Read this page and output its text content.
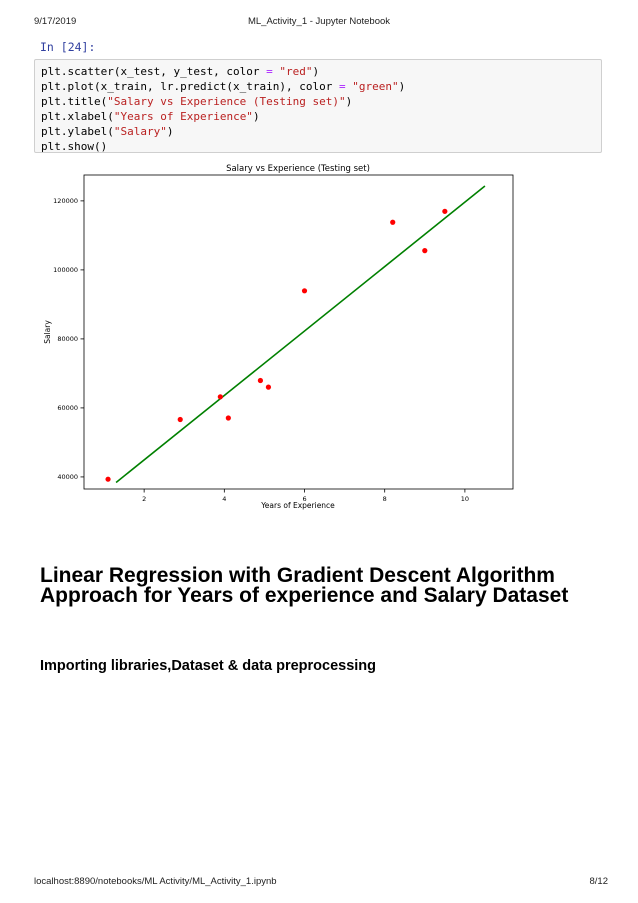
9/17/2019	ML_Activity_1 - Jupyter Notebook
In [24]:
plt.scatter(x_test, y_test, color = "red")
plt.plot(x_train, lr.predict(x_train), color = "green")
plt.title("Salary vs Experience (Testing set)")
plt.xlabel("Years of Experience")
plt.ylabel("Salary")
plt.show()
Salary vs Experience (Testing set)
2	4	6	8	10
40000
60000
80000
100000
120000
Years of Experience
Salary
Linear Regression with Gradient Descent Algorithm Approach for Years of experience and Salary Dataset
Importing libraries,Dataset & data preprocessing
localhost:8890/notebooks/ML Activity/ML_Activity_1.ipynb	8/12
